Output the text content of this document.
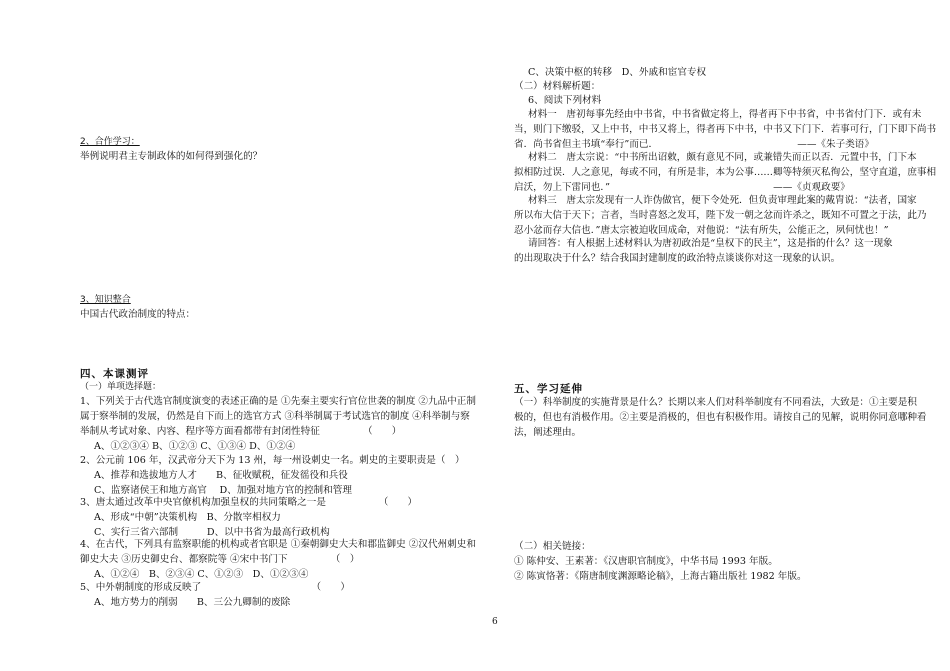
2、合作学习：
举例说明君主专制政体的如何得到强化的？
3、知识整合
中国古代政治制度的特点：
四、本课测评
（一）单项选择题：
1、下列关于古代选官制度演变的表述正确的是 ①先秦主要实行官位世袭的制度 ②九品中正制
属于察举制的发展，仍然是自下而上的选官方式 ③科举制属于考试选官的制度 ④科举制与察
举制从考试对象、内容、程序等方面看都带有封闭性特征　　　　　（　　）
A、①②③④ B、①②③ C、①③④ D、①②④
2、公元前 106 年，汉武帝分天下为 13 州，每一州设刺史一名。刺史的主要职责是（　）
A、推荐和选拔地方人才　　B、征收赋税，征发徭役和兵役
C、监察诸侯王和地方高官　 D、加强对地方官的控制和管理
3、唐太通过改革中央官僚机构加强皇权的共同策略之一是　　　　　　（　　）
A、形成“中朝”决策机构　B、分散宰相权力
C、实行三省六部制　　　D、以中书省为最高行政机构
4、在古代，下列具有监察职能的机构或者官职是 ①秦朝御史大夫和郡监御史 ②汉代州刺史和
御史大夫 ③历史御史台、都察院等 ④宋中书门下　　　　　（　）
A、①②④　B、②③④ C、①②③　D、①②③④
5、中外朝制度的形成反映了　　　　　　　　　　　　（　　）
A、地方势力的削弱　　B、三公九卿制的废除
C、决策中枢的转移　D、外戚和宦官专权
（二）材料解析题：
6、阅读下列材料
材料一　唐初每事先经由中书省，中书省做定将上，得者再下中书省，中书省付门下．或有未
当，则门下缴驳，又上中书，中书又将上，得者再下中书，中书又下门下．若事可行，门下即下尚书
省．尚书省但主书填“奉行”而已．　　　　　　　　　　　　　　　——《朱子类语》
材料二　唐太宗说：“中书所出诏敕，颇有意见不同，或兼错失而正以否．元置中书，门下本
拟相防过误．人之意见，每或不同，有所是非，本为公事……卿等特须灭私徇公，坚守直道，庶事相
启沃，勿上下雷同也．”　　　　　　　　　　　　　　　　　——《贞观政要》
材料三　唐太宗发现有一人诈伪做官，便下令处死．但负责审理此案的戴胄说：“法者，国家
所以布大信于天下；言者，当时喜怒之发耳，陛下发一朝之忿而许杀之，既知不可置之于法，此乃
忍小忿而存大信也．”唐太宗被迫收回成命，对他说：“法有所失，公能正之，夙何忧也！”
请回答：有人根据上述材料认为唐初政治是“皇权下的民主”，这是指的什么？这一现象
的出现取决于什么？结合我国封建制度的政治特点谈谈你对这一现象的认识。
五、学习延伸
（一）科举制度的实施背景是什么？长期以来人们对科举制度有不同看法，大致是：①主要是积
极的，但也有消极作用。②主要是消极的，但也有积极作用。请按自己的见解，说明你同意哪种看
法，阐述理由。
（二）相关链接：
① 陈仲安、王素著：《汉唐职官制度》，中华书局 1993 年版。
② 陈寅恪著：《隋唐制度渊源略论稿》，上海古籍出版社 1982 年版。
6
